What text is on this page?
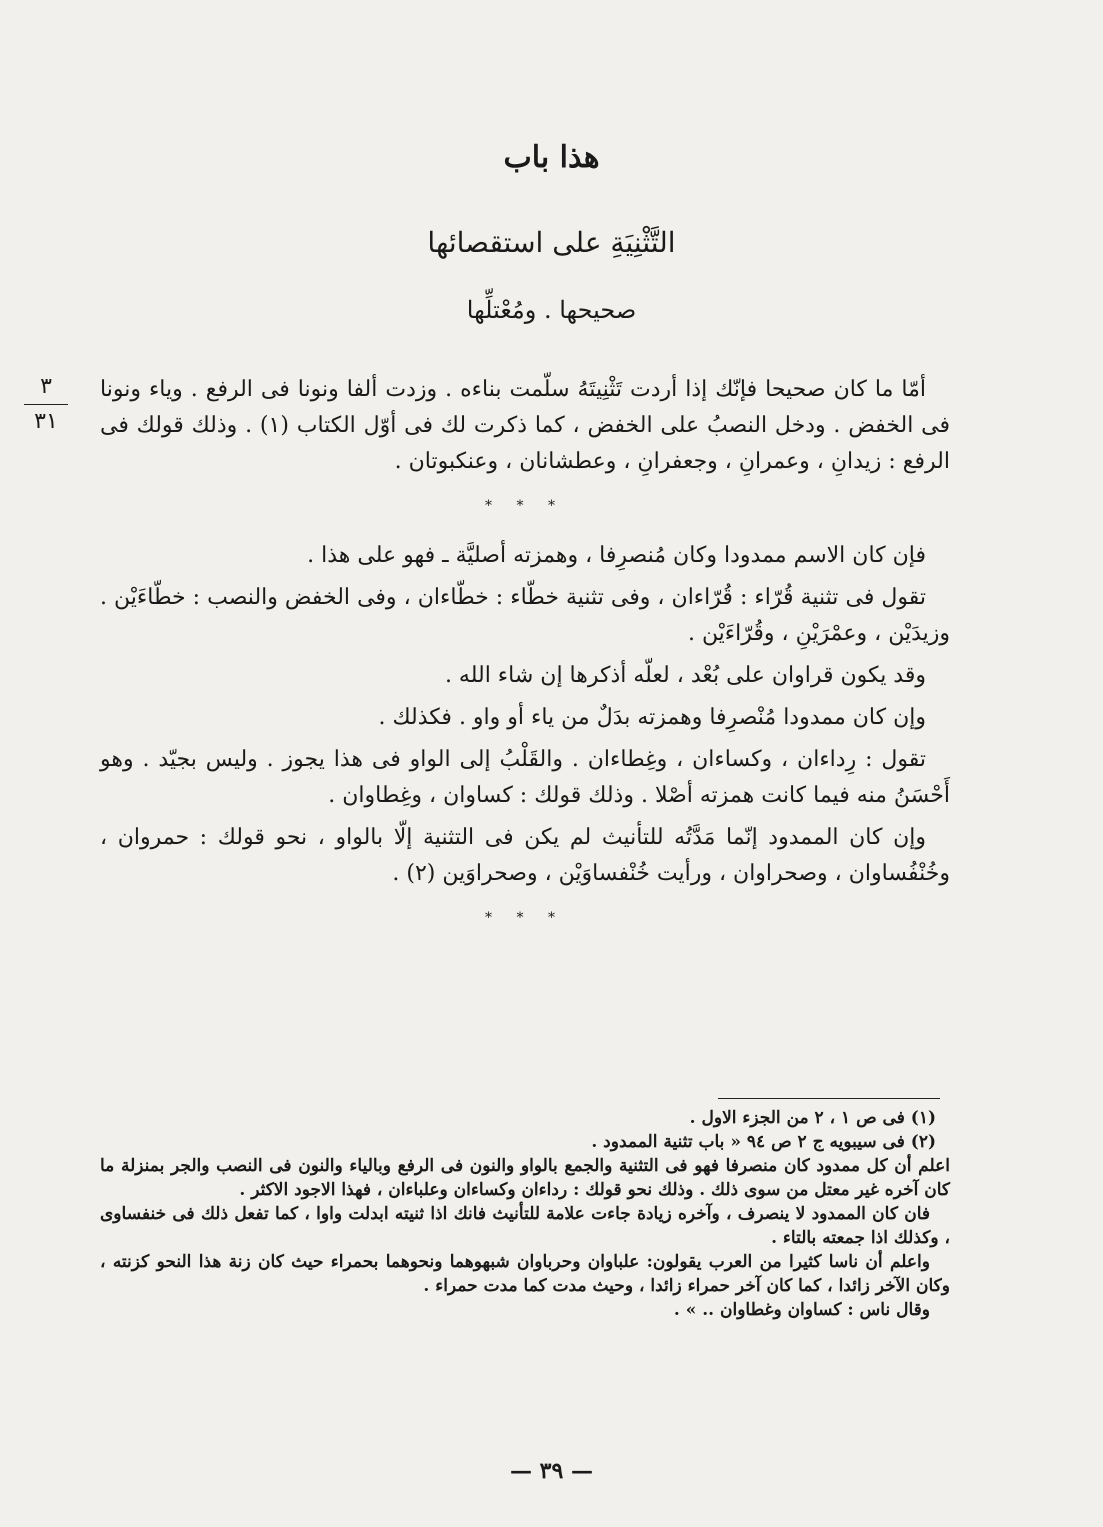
هذا باب
التَّثْنِيَةِ على استقصائها
صحيحها . ومُعْتلِّها
٣
٣١

أمّا ما كان صحيحا فإنّك إذا أردت تَثْنِيتَهُ سلّمت بناءه . وزدت ألفا ونونا فى الرفع . وياء ونونا فى الخفض . ودخل النصبُ على الخفض ، كما ذكرت لك فى أوّل الكتاب (١) . وذلك قولك فى الرفع : زيدانِ ، وعمرانِ ، وجعفرانِ ، وعطشانان ، وعنكبوتان .

* * *

فإن كان الاسم ممدودا وكان مُنصرِفا ، وهمزته أصليَّة ـ فهو على هذا .

تقول فى تثنية قُرّاء : قُرّاءان ، وفى تثنية خطّاء : خطّاءان ، وفى الخفض والنصب : خطّاءَيْن . وزيدَيْن ، وعمْرَيْنِ ، وقُرّاءَيْن .

وقد يكون قراوان على بُعْد ، لعلّه أذكرها إن شاء الله .

وإن كان ممدودا مُنْصرِفا وهمزته بدَلٌ من ياء أو واو . فكذلك .

تقول : رِداءان ، وكساءان ، وغِطاءان . والقَلْبُ إلى الواو فى هذا يجوز . وليس بجيّد . وهو أَحْسَنُ منه فيما كانت همزته أصْلا . وذلك قولك : كساوان ، وغِطاوان .

وإن كان الممدود إنّما مَدَّتُه للتأنيث لم يكن فى التثنية إلّا بالواو ، نحو قولك : حمروان ، وخُنْفُساوان ، وصحراوان ، ورأيت خُنْفساوَيْن ، وصحراوَين (٢) .

* * *

(١) فى ص ١ ، ٢ من الجزء الاول .

(٢) فى سيبويه ج ٢ ص ٩٤ « باب تثنية الممدود .

اعلم أن كل ممدود كان منصرفا فهو فى التثنية والجمع بالواو والنون فى الرفع وبالياء والنون فى النصب والجر بمنزلة ما كان آخره غير معتل من سوى ذلك . وذلك نحو قولك : رداءان وكساءان وعلباءان ، فهذا الاجود الاكثر .

فان كان الممدود لا ينصرف ، وآخره زيادة جاءت علامة للتأنيث فانك اذا ثنيته ابدلت واوا ، كما تفعل ذلك فى خنفساوى ، وكذلك اذا جمعته بالتاء .

واعلم أن ناسا كثيرا من العرب يقولون: علباوان وحرباوان شبهوهما ونحوهما بحمراء حيث كان زنة هذا النحو كزنته ، وكان الآخر زائدا ، كما كان آخر حمراء زائدا ، وحيث مدت كما مدت حمراء .

وقال ناس : كساوان وغطاوان .. » .

— ٣٩ —
